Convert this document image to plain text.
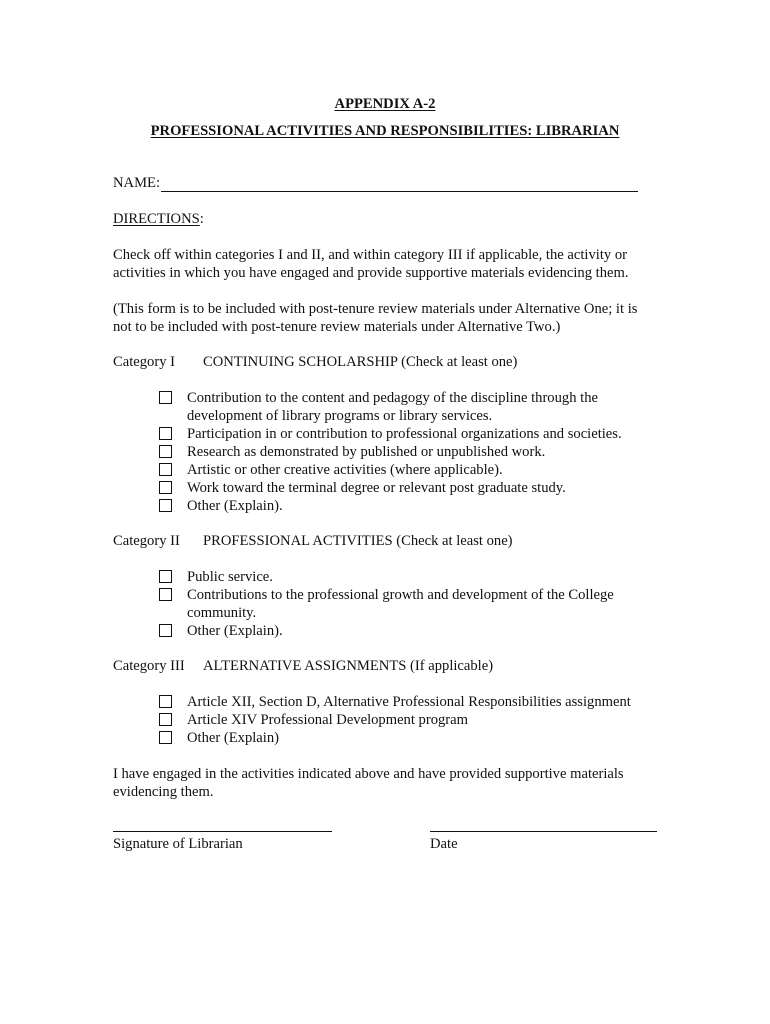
APPENDIX A-2
PROFESSIONAL ACTIVITIES AND RESPONSIBILITIES: LIBRARIAN
NAME:
DIRECTIONS:
Check off within categories I and II, and within category III if applicable, the activity or activities in which you have engaged and provide supportive materials evidencing them.
(This form is to be included with post-tenure review materials under Alternative One; it is not to be included with post-tenure review materials under Alternative Two.)
Category I CONTINUING SCHOLARSHIP (Check at least one)
Contribution to the content and pedagogy of the discipline through the development of library programs or library services.
Participation in or contribution to professional organizations and societies.
Research as demonstrated by published or unpublished work.
Artistic or other creative activities (where applicable).
Work toward the terminal degree or relevant post graduate study.
Other (Explain).
Category II PROFESSIONAL ACTIVITIES (Check at least one)
Public service.
Contributions to the professional growth and development of the College community.
Other (Explain).
Category III ALTERNATIVE ASSIGNMENTS (If applicable)
Article XII, Section D, Alternative Professional Responsibilities assignment
Article XIV Professional Development program
Other (Explain)
I have engaged in the activities indicated above and have provided supportive materials evidencing them.
Signature of Librarian	Date
